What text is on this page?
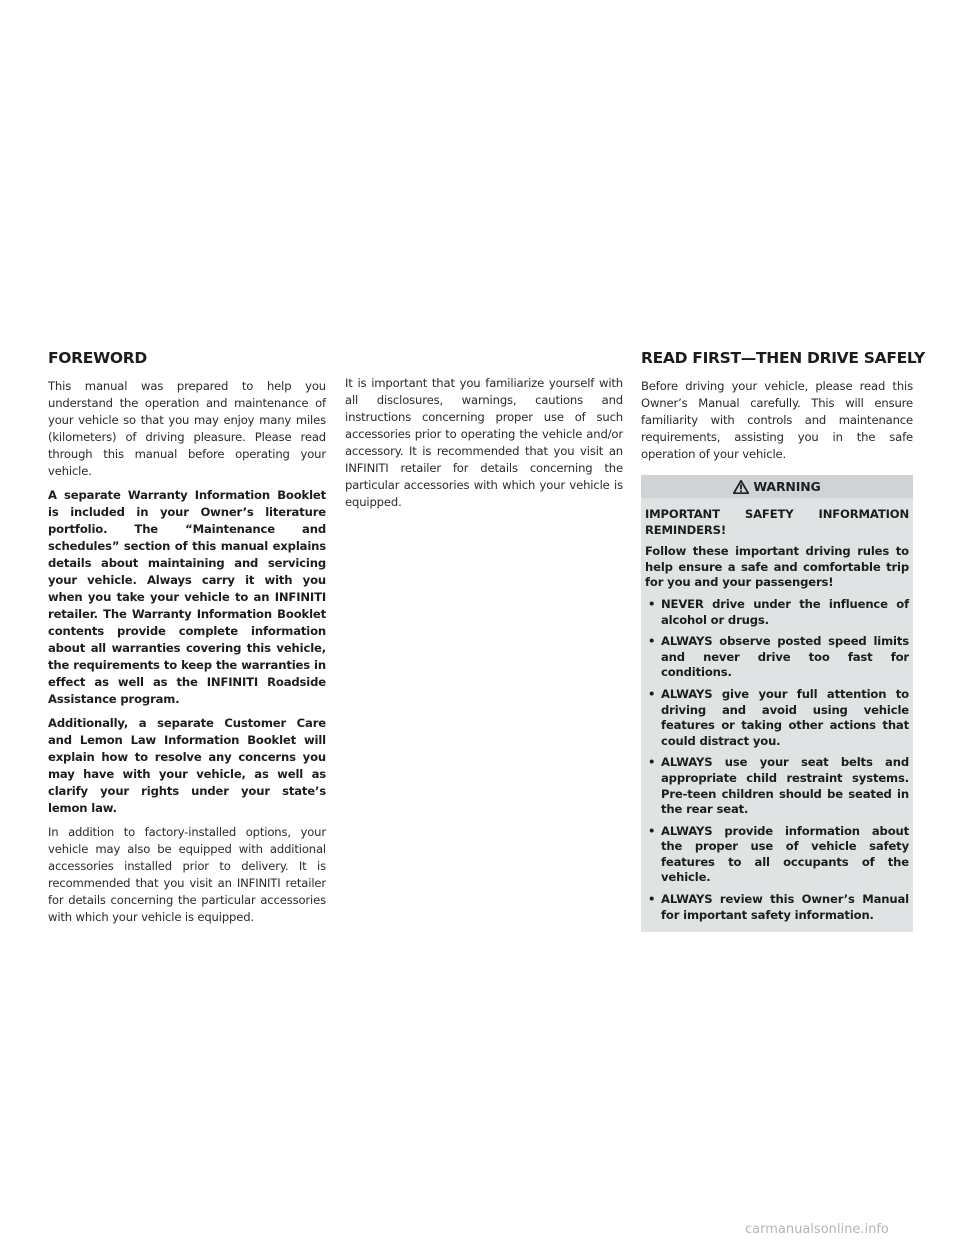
FOREWORD	READ FIRST—THEN DRIVE SAFELY

This manual was prepared to help you understand the operation and maintenance of your vehicle so that you may enjoy many miles (kilometers) of driving pleasure. Please read through this manual before operating your vehicle.

A separate Warranty Information Booklet is included in your Owner’s literature portfolio. The “Maintenance and schedules” section of this manual explains details about maintaining and servicing your vehicle. Always carry it with you when you take your vehicle to an INFINITI retailer. The Warranty Information Booklet contents provide complete information about all warranties covering this vehicle, the requirements to keep the warranties in effect as well as the INFINITI Roadside Assistance program.

Additionally, a separate Customer Care and Lemon Law Information Booklet will explain how to resolve any concerns you may have with your vehicle, as well as clarify your rights under your state’s lemon law.

In addition to factory-installed options, your vehicle may also be equipped with additional accessories installed prior to delivery. It is recommended that you visit an INFINITI retailer for details concerning the particular accessories with which your vehicle is equipped.

It is important that you familiarize yourself with all disclosures, warnings, cautions and instructions concerning proper use of such accessories prior to operating the vehicle and/or accessory. It is recommended that you visit an INFINITI retailer for details concerning the particular accessories with which your vehicle is equipped.

Before driving your vehicle, please read this Owner’s Manual carefully. This will ensure familiarity with controls and maintenance requirements, assisting you in the safe operation of your vehicle.

WARNING

IMPORTANT SAFETY INFORMATION REMINDERS!

Follow these important driving rules to help ensure a safe and comfortable trip for you and your passengers!

• NEVER drive under the influence of alcohol or drugs.
• ALWAYS observe posted speed limits and never drive too fast for conditions.
• ALWAYS give your full attention to driving and avoid using vehicle features or taking other actions that could distract you.
• ALWAYS use your seat belts and appropriate child restraint systems. Pre-teen children should be seated in the rear seat.
• ALWAYS provide information about the proper use of vehicle safety features to all occupants of the vehicle.
• ALWAYS review this Owner’s Manual for important safety information.
carmanualsonline.info
